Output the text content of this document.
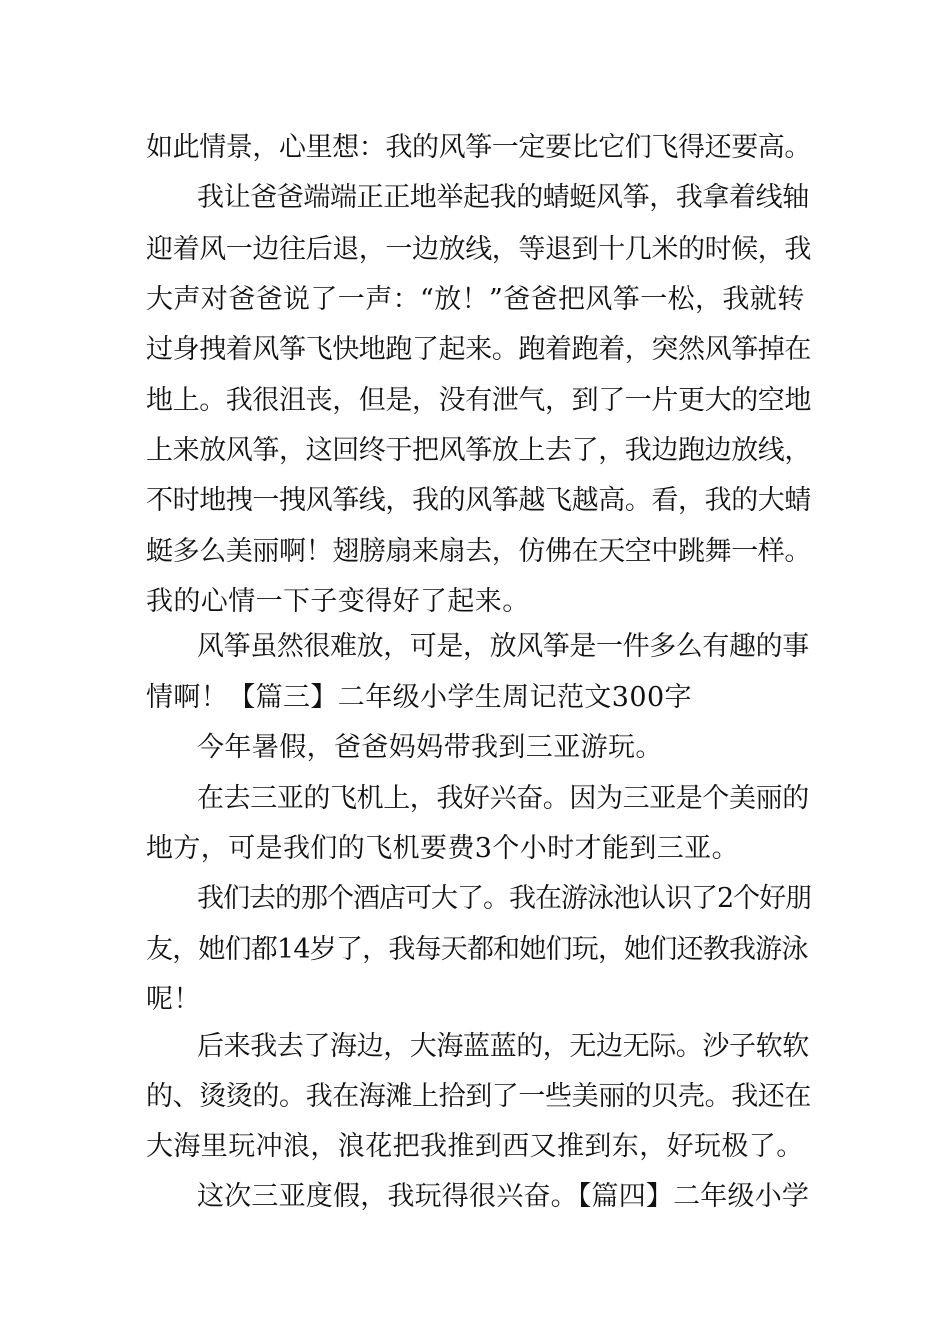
如此情景，心里想：我的风筝一定要比它们飞得还要高。
我让爸爸端端正正地举起我的蜻蜓风筝，我拿着线轴
迎着风一边往后退，一边放线，等退到十几米的时候，我
大声对爸爸说了一声：“放！”爸爸把风筝一松，我就转
过身拽着风筝飞快地跑了起来。跑着跑着，突然风筝掉在
地上。我很沮丧，但是，没有泄气，到了一片更大的空地
上来放风筝，这回终于把风筝放上去了，我边跑边放线，
不时地拽一拽风筝线，我的风筝越飞越高。看，我的大蜻
蜓多么美丽啊！翅膀扇来扇去，仿佛在天空中跳舞一样。
我的心情一下子变得好了起来。
风筝虽然很难放，可是，放风筝是一件多么有趣的事
情啊！【篇三】二年级小学生周记范文300字
今年暑假，爸爸妈妈带我到三亚游玩。
在去三亚的飞机上，我好兴奋。因为三亚是个美丽的
地方，可是我们的飞机要费3个小时才能到三亚。
我们去的那个酒店可大了。我在游泳池认识了2个好朋
友，她们都14岁了，我每天都和她们玩，她们还教我游泳
呢！
后来我去了海边，大海蓝蓝的，无边无际。沙子软软
的、烫烫的。我在海滩上拾到了一些美丽的贝壳。我还在
大海里玩冲浪，浪花把我推到西又推到东，好玩极了。
这次三亚度假，我玩得很兴奋。【篇四】二年级小学
